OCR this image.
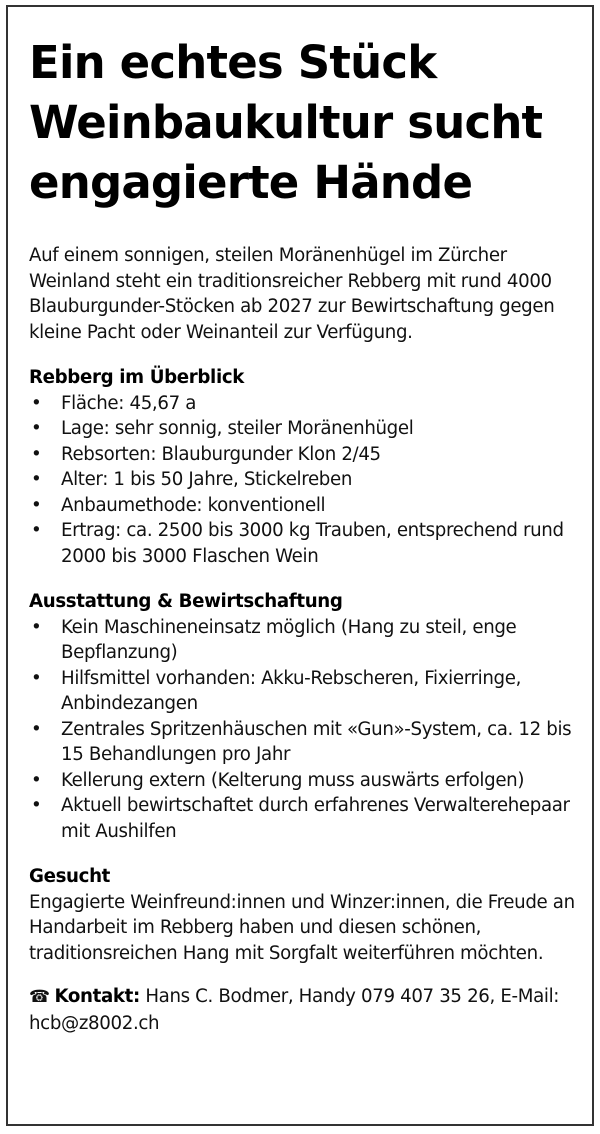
Ein echtes Stück
Weinbaukultur sucht
engagierte Hände

Auf einem sonnigen, steilen Moränenhügel im Zürcher Weinland steht ein traditionsreicher Rebberg mit rund 4000 Blauburgunder-Stöcken ab 2027 zur Bewirtschaftung gegen kleine Pacht oder Weinanteil zur Verfügung.

Rebberg im Überblick
• Fläche: 45,67 a
• Lage: sehr sonnig, steiler Moränenhügel
• Rebsorten: Blauburgunder Klon 2/45
• Alter: 1 bis 50 Jahre, Stickelreben
• Anbaumethode: konventionell
• Ertrag: ca. 2500 bis 3000 kg Trauben, entsprechend rund 2000 bis 3000 Flaschen Wein
Ausstattung & Bewirtschaftung
• Kein Maschineneinsatz möglich (Hang zu steil, enge Bepflanzung)
• Hilfsmittel vorhanden: Akku-Rebscheren, Fixierringe, Anbindezangen
• Zentrales Spritzenhäuschen mit «Gun»-System, ca. 12 bis 15 Behandlungen pro Jahr
• Kellerung extern (Kelterung muss auswärts erfolgen)
• Aktuell bewirtschaftet durch erfahrenes Verwalterehepaar mit Aushilfen
Gesucht

Engagierte Weinfreund:innen und Winzer:innen, die Freude an Handarbeit im Rebberg haben und diesen schönen, traditionsreichen Hang mit Sorgfalt weiterführen möchten.

☎ Kontakt: Hans C. Bodmer, Handy 079 407 35 26, E-Mail: hcb@z8002.ch
